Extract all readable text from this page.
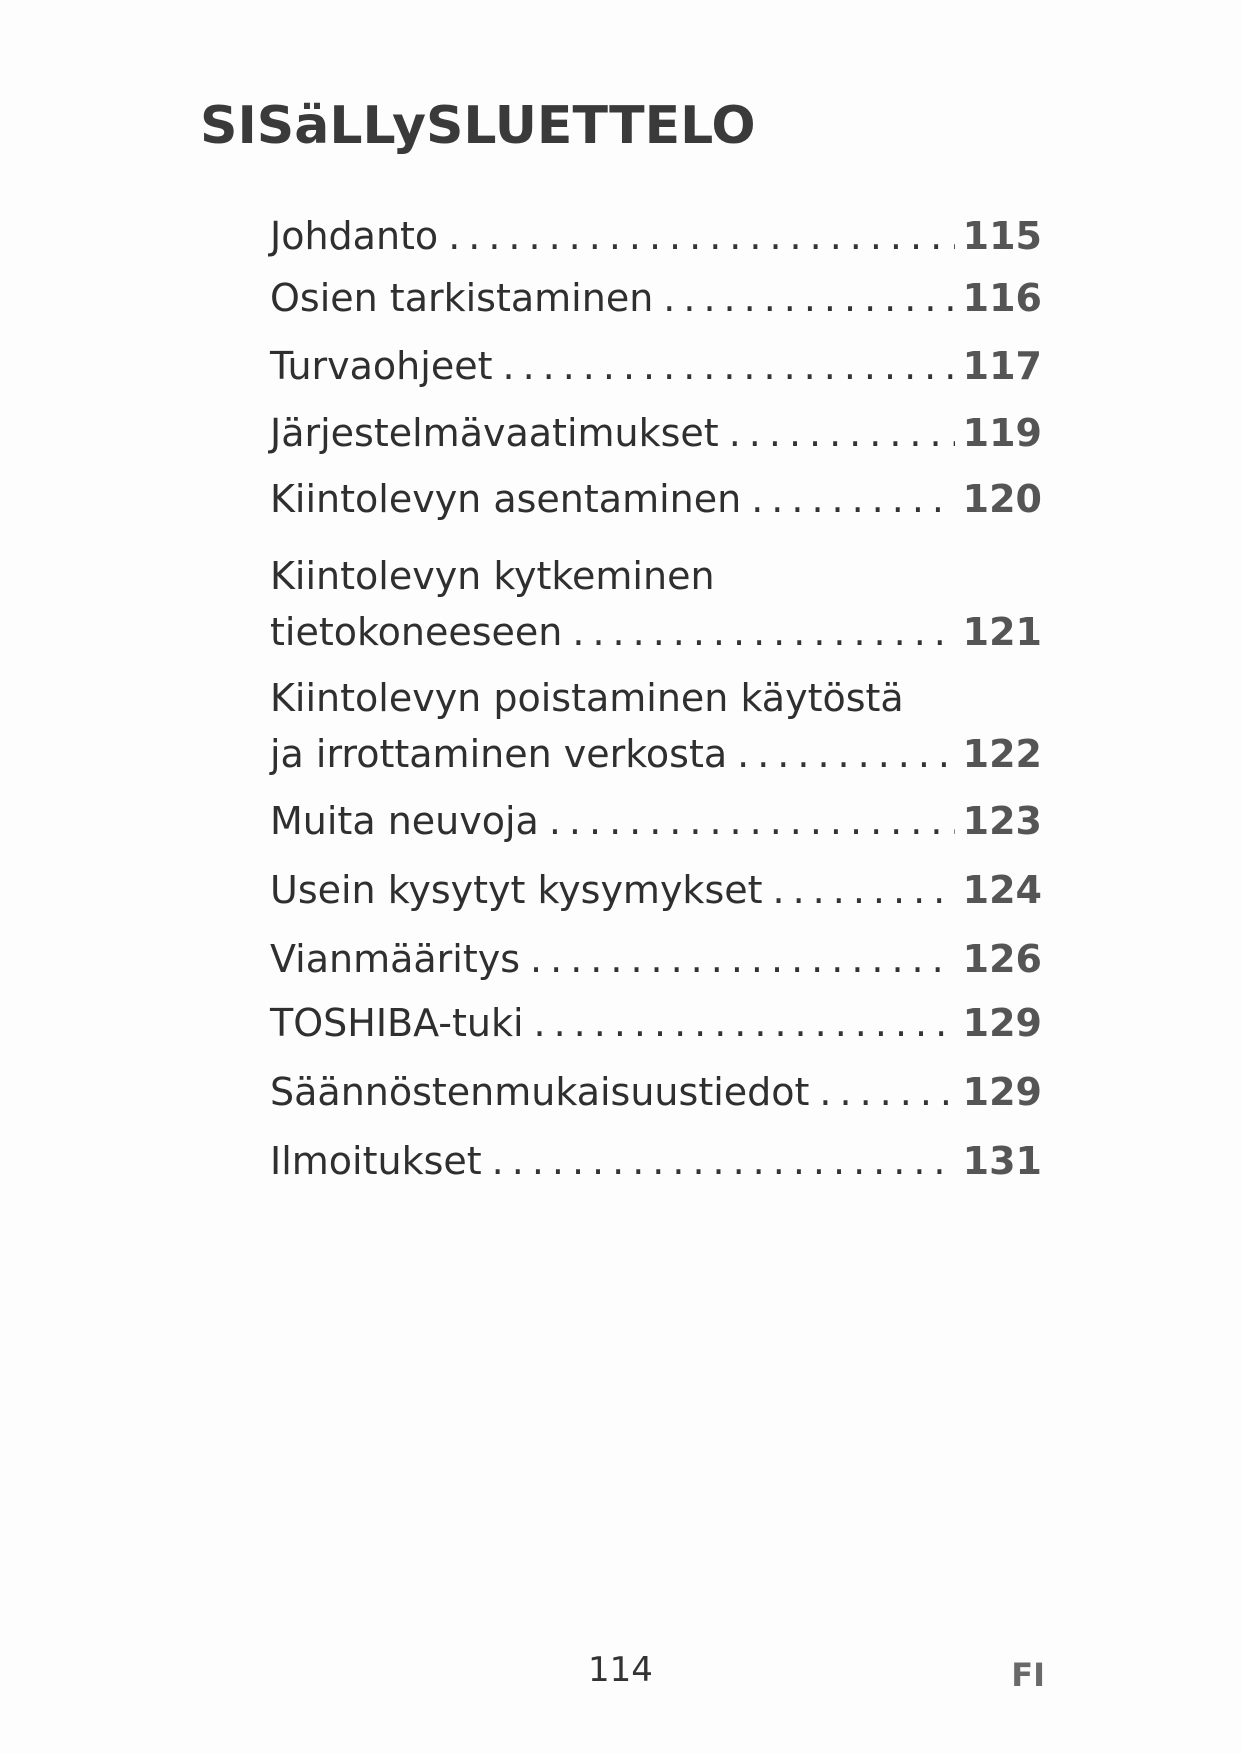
SISäLLySLUETTELO
Johdanto .....	115
Osien tarkistaminen .....	116
Turvaohjeet .....	117
Järjestelmävaatimukset .....	119
Kiintolevyn asentaminen .....	120
Kiintolevyn kytkeminen
tietokoneeseen .....	121
Kiintolevyn poistaminen käytöstä
ja irrottaminen verkosta .....	122
Muita neuvoja .....	123
Usein kysytyt kysymykset .....	124
Vianmääritys .....	126
TOSHIBA-tuki .....	129
Säännöstenmukaisuustiedot .....	129
Ilmoitukset .....	131
114	FI
